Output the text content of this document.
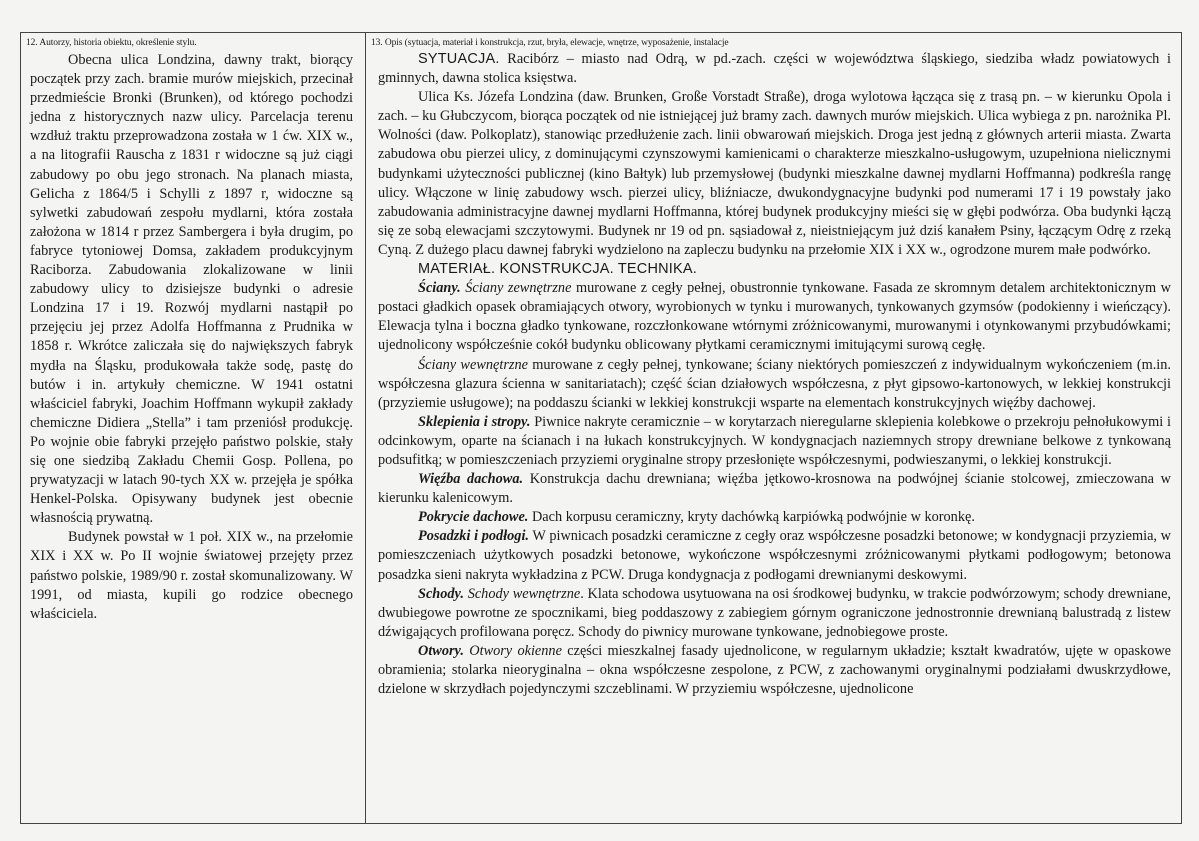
12. Autorzy, historia obiektu, określenie stylu.

Obecna ulica Londzina, dawny trakt, biorący początek przy zach. bramie murów miejskich, przecinał przedmieście Bronki (Brunken), od którego pochodzi jedna z historycznych nazw ulicy. Parcelacja terenu wzdłuż traktu przeprowadzona została w 1 ćw. XIX w., a na litografii Rauscha z 1831 r widoczne są już ciągi zabudowy po obu jego stronach. Na planach miasta, Gelicha z 1864/5 i Schylli z 1897 r, widoczne są sylwetki zabudowań zespołu mydlarni, która została założona w 1814 r przez Sambergera i była drugim, po fabryce tytoniowej Domsa, zakładem produkcyjnym Raciborza. Zabudowania zlokalizowane w linii zabudowy ulicy to dzisiejsze budynki o adresie Londzina 17 i 19. Rozwój mydlarni nastąpił po przejęciu jej przez Adolfa Hoffmanna z Prudnika w 1858 r. Wkrótce zaliczała się do największych fabryk mydła na Śląsku, produkowała także sodę, pastę do butów i in. artykuły chemiczne. W 1941 ostatni właściciel fabryki, Joachim Hoffmann wykupił zakłady chemiczne Didiera „Stella” i tam przeniósł produkcję. Po wojnie obie fabryki przejęło państwo polskie, stały się one siedzibą Zakładu Chemii Gosp. Pollena, po prywatyzacji w latach 90-tych XX w. przejęła je spółka Henkel-Polska. Opisywany budynek jest obecnie własnością prywatną.

Budynek powstał w 1 poł. XIX w., na przełomie XIX i XX w. Po II wojnie światowej przejęty przez państwo polskie, 1989/90 r. został skomunalizowany. W 1991, od miasta, kupili go rodzice obecnego właściciela.

13. Opis (sytuacja, materiał i konstrukcja, rzut, bryła, elewacje, wnętrze, wyposażenie, instalacje

SYTUACJA. Racibórz – miasto nad Odrą, w pd.-zach. części w województwa śląskiego, siedziba władz powiatowych i gminnych, dawna stolica księstwa.

Ulica Ks. Józefa Londzina (daw. Brunken, Große Vorstadt Straße), droga wylotowa łącząca się z trasą pn. – w kierunku Opola i zach. – ku Głubczycom, biorąca początek od nie istniejącej już bramy zach. dawnych murów miejskich. Ulica wybiega z pn. narożnika Pl. Wolności (daw. Polkoplatz), stanowiąc przedłużenie zach. linii obwarowań miejskich. Droga jest jedną z głównych arterii miasta. Zwarta zabudowa obu pierzei ulicy, z dominującymi czynszowymi kamienicami o charakterze mieszkalno-usługowym, uzupełniona nielicznymi budynkami użyteczności publicznej (kino Bałtyk) lub przemysłowej (budynki mieszkalne dawnej mydlarni Hoffmanna) podkreśla rangę ulicy. Włączone w linię zabudowy wsch. pierzei ulicy, bliźniacze, dwukondygnacyjne budynki pod numerami 17 i 19 powstały jako zabudowania administracyjne dawnej mydlarni Hoffmanna, której budynek produkcyjny mieści się w głębi podwórza. Oba budynki łączą się ze sobą elewacjami szczytowymi. Budynek nr 19 od pn. sąsiadował z, nieistniejącym już dziś kanałem Psiny, łączącym Odrę z rzeką Cyną. Z dużego placu dawnej fabryki wydzielono na zapleczu budynku na przełomie XIX i XX w., ogrodzone murem małe podwórko.

MATERIAŁ. KONSTRUKCJA. TECHNIKA.

Ściany. Ściany zewnętrzne murowane z cegły pełnej, obustronnie tynkowane. Fasada ze skromnym detalem architektonicznym w postaci gładkich opasek obramiających otwory, wyrobionych w tynku i murowanych, tynkowanych gzymsów (podokienny i wieńczący). Elewacja tylna i boczna gładko tynkowane, rozczłonkowane wtórnymi zróżnicowanymi, murowanymi i otynkowanymi przybudówkami; ujednolicony współcześnie cokół budynku oblicowany płytkami ceramicznymi imitującymi surową cegłę.

Ściany wewnętrzne murowane z cegły pełnej, tynkowane; ściany niektórych pomieszczeń z indywidualnym wykończeniem (m.in. współczesna glazura ścienna w sanitariatach); część ścian działowych współczesna, z płyt gipsowo-kartonowych, w lekkiej konstrukcji (przyziemie usługowe); na poddaszu ścianki w lekkiej konstrukcji wsparte na elementach konstrukcyjnych więźby dachowej.

Sklepienia i stropy. Piwnice nakryte ceramicznie – w korytarzach nieregularne sklepienia kolebkowe o przekroju pełnołukowymi i odcinkowym, oparte na ścianach i na łukach konstrukcyjnych. W kondygnacjach naziemnych stropy drewniane belkowe z tynkowaną podsufitką; w pomieszczeniach przyziemi oryginalne stropy przesłonięte współczesnymi, podwieszanymi, o lekkiej konstrukcji.

Więźba dachowa. Konstrukcja dachu drewniana; więźba jętkowo-krosnowa na podwójnej ścianie stolcowej, zmieczowana w kierunku kalenicowym.

Pokrycie dachowe. Dach korpusu ceramiczny, kryty dachówką karpiówką podwójnie w koronkę.

Posadzki i podłogi. W piwnicach posadzki ceramiczne z cegły oraz współczesne posadzki betonowe; w kondygnacji przyziemia, w pomieszczeniach użytkowych posadzki betonowe, wykończone współczesnymi zróżnicowanymi płytkami podłogowym; betonowa posadzka sieni nakryta wykładzina z PCW. Druga kondygnacja z podłogami drewnianymi deskowymi.

Schody. Schody wewnętrzne. Klata schodowa usytuowana na osi środkowej budynku, w trakcie podwórzowym; schody drewniane, dwubiegowe powrotne ze spocznikami, bieg poddaszowy z zabiegiem górnym ograniczone jednostronnie drewnianą balustradą z listew dźwigających profilowana poręcz. Schody do piwnicy murowane tynkowane, jednobiegowe proste.

Otwory. Otwory okienne części mieszkalnej fasady ujednolicone, w regularnym układzie; kształt kwadratów, ujęte w opaskowe obramienia; stolarka nieoryginalna – okna współczesne zespolone, z PCW, z zachowanymi oryginalnymi podziałami dwuskrzydłowe, dzielone w skrzydłach pojedynczymi szczeblinami. W przyziemiu współczesne, ujednolicone
